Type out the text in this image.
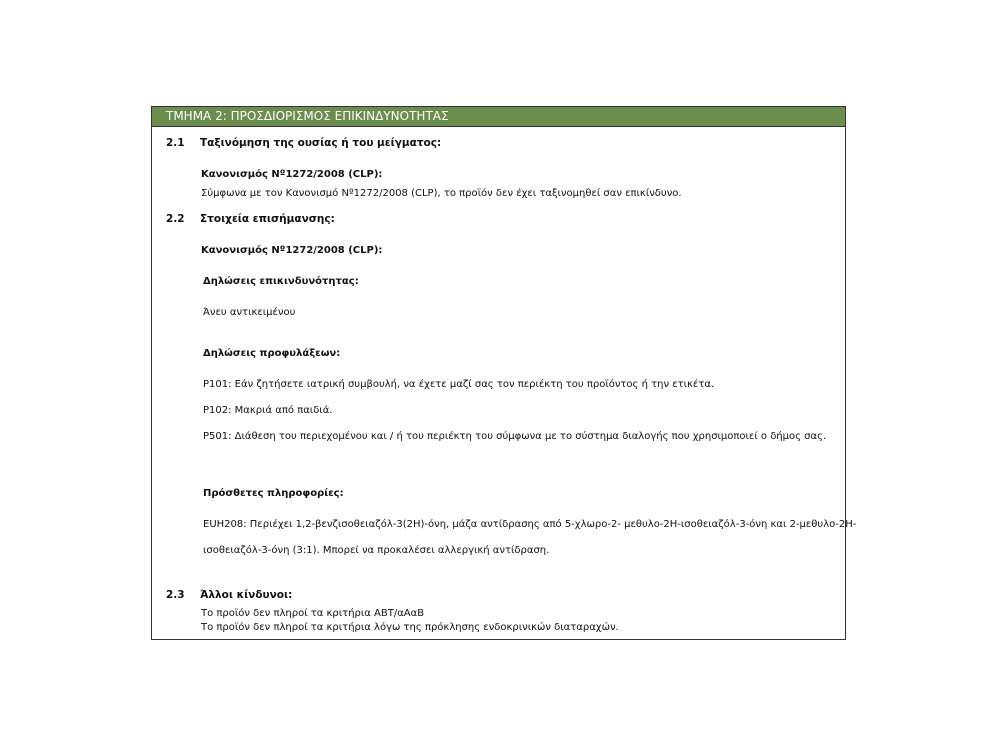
ΤΜΗΜΑ 2: ΠΡΟΣΔΙΟΡΙΣΜΟΣ ΕΠΙΚΙΝΔΥΝΟΤΗΤΑΣ
2.1 Ταξινόμηση της ουσίας ή του μείγματος:
Κανονισμός Nº1272/2008 (CLP):
Σύμφωνα με τον Κανονισμό Nº1272/2008 (CLP), το προϊόν δεν έχει ταξινομηθεί σαν επικίνδυνο.
2.2 Στοιχεία επισήμανσης:
Κανονισμός Nº1272/2008 (CLP):
Δηλώσεις επικινδυνότητας:
Άνευ αντικειμένου
Δηλώσεις προφυλάξεων:
P101: Εάν ζητήσετε ιατρική συμβουλή, να έχετε μαζί σας τον περιέκτη του προϊόντος ή την ετικέτα.
P102: Μακριά από παιδιά.
P501: Διάθεση του περιεχομένου και / ή του περιέκτη του σύμφωνα με το σύστημα διαλογής που χρησιμοποιεί ο δήμος σας.
Πρόσθετες πληροφορίες:
EUH208: Περιέχει 1,2-βενζισοθειαζόλ-3(2H)-όνη, μάζα αντίδρασης από 5-χλωρο-2- μεθυλο-2H-ισοθειαζόλ-3-όνη και 2-μεθυλο-2H-
ισοθειαζόλ-3-όνη (3:1). Μπορεί να προκαλέσει αλλεργική αντίδραση.
2.3 Άλλοι κίνδυνοι:
Το προϊόν δεν πληροί τα κριτήρια ΑΒΤ/αΑαΒ
Το προϊόν δεν πληροί τα κριτήρια λόγω της πρόκλησης ενδοκρινικών διαταραχών.
